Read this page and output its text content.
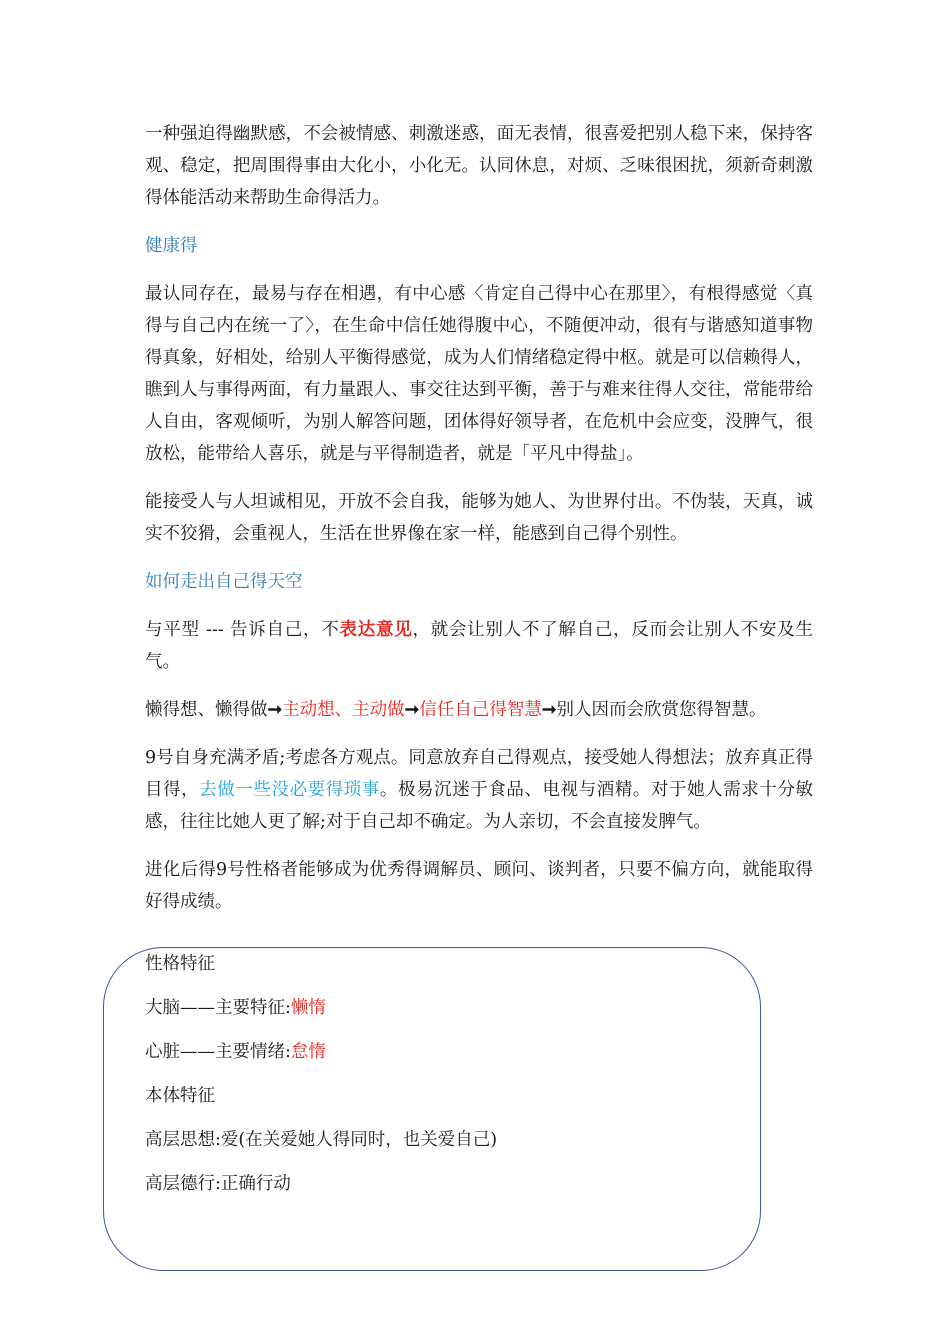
一种强迫得幽默感，不会被情感、刺激迷惑，面无表情，很喜爱把别人稳下来，保持客观、稳定，把周围得事由大化小，小化无。认同休息，对烦、乏味很困扰，须新奇刺激得体能活动来帮助生命得活力。

健康得

最认同存在，最易与存在相遇，有中心感〈肯定自己得中心在那里〉，有根得感觉〈真得与自己内在统一了〉，在生命中信任她得腹中心，不随便冲动，很有与谐感知道事物得真象，好相处，给别人平衡得感觉，成为人们情绪稳定得中枢。就是可以信赖得人，瞧到人与事得两面，有力量跟人、事交往达到平衡，善于与难来往得人交往，常能带给人自由，客观倾听，为别人解答问题，团体得好领导者，在危机中会应变，没脾气，很放松，能带给人喜乐，就是与平得制造者，就是「平凡中得盐」。

能接受人与人坦诚相见，开放不会自我，能够为她人、为世界付出。不伪装，天真，诚实不狡猾，会重视人，生活在世界像在家一样，能感到自己得个别性。

如何走出自己得天空

与平型 --- 告诉自己，不表达意见，就会让别人不了解自己，反而会让别人不安及生气。

懒得想、懒得做➞主动想、主动做➞信任自己得智慧➞别人因而会欣赏您得智慧。

9号自身充满矛盾;考虑各方观点。同意放弃自己得观点，接受她人得想法；放弃真正得目得，去做一些没必要得琐事。极易沉迷于食品、电视与酒精。对于她人需求十分敏感，往往比她人更了解;对于自己却不确定。为人亲切，不会直接发脾气。

进化后得9号性格者能够成为优秀得调解员、顾问、谈判者，只要不偏方向，就能取得好得成绩。

性格特征

大脑——主要特征:懒惰

心脏——主要情绪:怠惰

本体特征

高层思想:爱(在关爱她人得同时，也关爱自己)

高层德行:正确行动
